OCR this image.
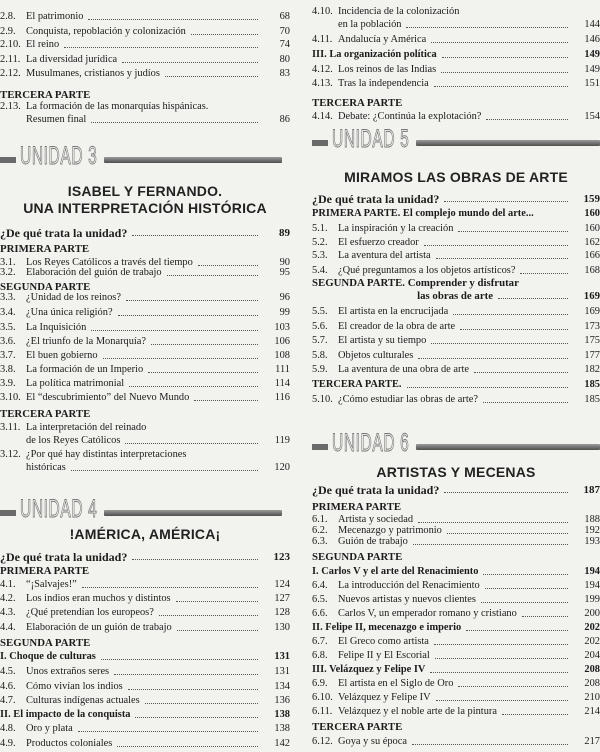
2.8.	El patrimonio	68
2.9.	Conquista, repoblación y colonización	70
2.10. El reino	74
2.11. La diversidad jurídica	80
2.12. Musulmanes, cristianos y judíos	83
TERCERA PARTE
2.13. La formación de las monarquías hispánicas.
Resumen final	86
UNIDAD 3
ISABEL Y FERNANDO.
UNA INTERPRETACIÓN HISTÓRICA
¿De qué trata la unidad?	89
PRIMERA PARTE
3.1.	Los Reyes Católicos a través del tiempo	90
3.2.	Elaboración del guión de trabajo	95
SEGUNDA PARTE
3.3.	¿Unidad de los reinos?	96
3.4.	¿Una única religión?	99
3.5.	La Inquisición	103
3.6.	¿El triunfo de la Monarquía?	106
3.7.	El buen gobierno	108
3.8.	La formación de un Imperio	111
3.9.	La política matrimonial	114
3.10. El “descubrimiento” del Nuevo Mundo	116
TERCERA PARTE
3.11. La interpretación del reinado
de los Reyes Católicos	119
3.12. ¿Por qué hay distintas interpretaciones
históricas	120
UNIDAD 4
!AMÉRICA, AMÉRICA¡
¿De qué trata la unidad?	123
PRIMERA PARTE
4.1.	“¡Salvajes!”	124
4.2.	Los indios eran muchos y distintos	127
4.3.	¿Qué pretendían los europeos?	128
4.4.	Elaboración de un guión de trabajo	130
SEGUNDA PARTE
I. Choque de culturas	131
4.5.	Unos extraños seres	131
4.6.	Cómo vivían los indios	134
4.7.	Culturas indígenas actuales	136
II. El impacto de la conquista	138
4.8.	Oro y plata	138
4.9.	Productos coloniales	142
4.10. Incidencia de la colonización
en la población	144
4.11. Andalucía y América	146
III. La organización política	149
4.12. Los reinos de las Indias	149
4.13. Tras la independencia	151
TERCERA PARTE
4.14. Debate: ¿Continúa la explotación?	154
UNIDAD 5
MIRAMOS LAS OBRAS DE ARTE
¿De qué trata la unidad?	159
PRIMERA PARTE. El complejo mundo del arte...	160
5.1.	La inspiración y la creación	160
5.2.	El esfuerzo creador	162
5.3.	La aventura del artista	166
5.4.	¿Qué preguntamos a los objetos artísticos?	168
SEGUNDA PARTE. Comprender y disfrutar
las obras de arte	169
5.5.	El artista en la encrucijada	169
5.6.	El creador de la obra de arte	173
5.7.	El artista y su tiempo	175
5.8.	Objetos culturales	177
5.9.	La aventura de una obra de arte	182
TERCERA PARTE.	185
5.10. ¿Cómo estudiar las obras de arte?	185
UNIDAD 6
ARTISTAS Y MECENAS
¿De qué trata la unidad?	187
PRIMERA PARTE
6.1.	Artista y sociedad	188
6.2.	Mecenazgo y patrimonio	192
6.3.	Guión de trabajo	193
SEGUNDA PARTE
I. Carlos V y el arte del Renacimiento	194
6.4.	La introducción del Renacimiento	194
6.5.	Nuevos artistas y nuevos clientes	199
6.6.	Carlos V, un emperador romano y cristiano	200
II. Felipe II, mecenazgo e imperio	202
6.7.	El Greco como artista	202
6.8.	Felipe II y El Escorial	204
III. Velázquez y Felipe IV	208
6.9.	El artista en el Siglo de Oro	208
6.10. Velázquez y Felipe IV	210
6.11. Velázquez y el noble arte de la pintura	214
TERCERA PARTE
6.12. Goya y su época	217
